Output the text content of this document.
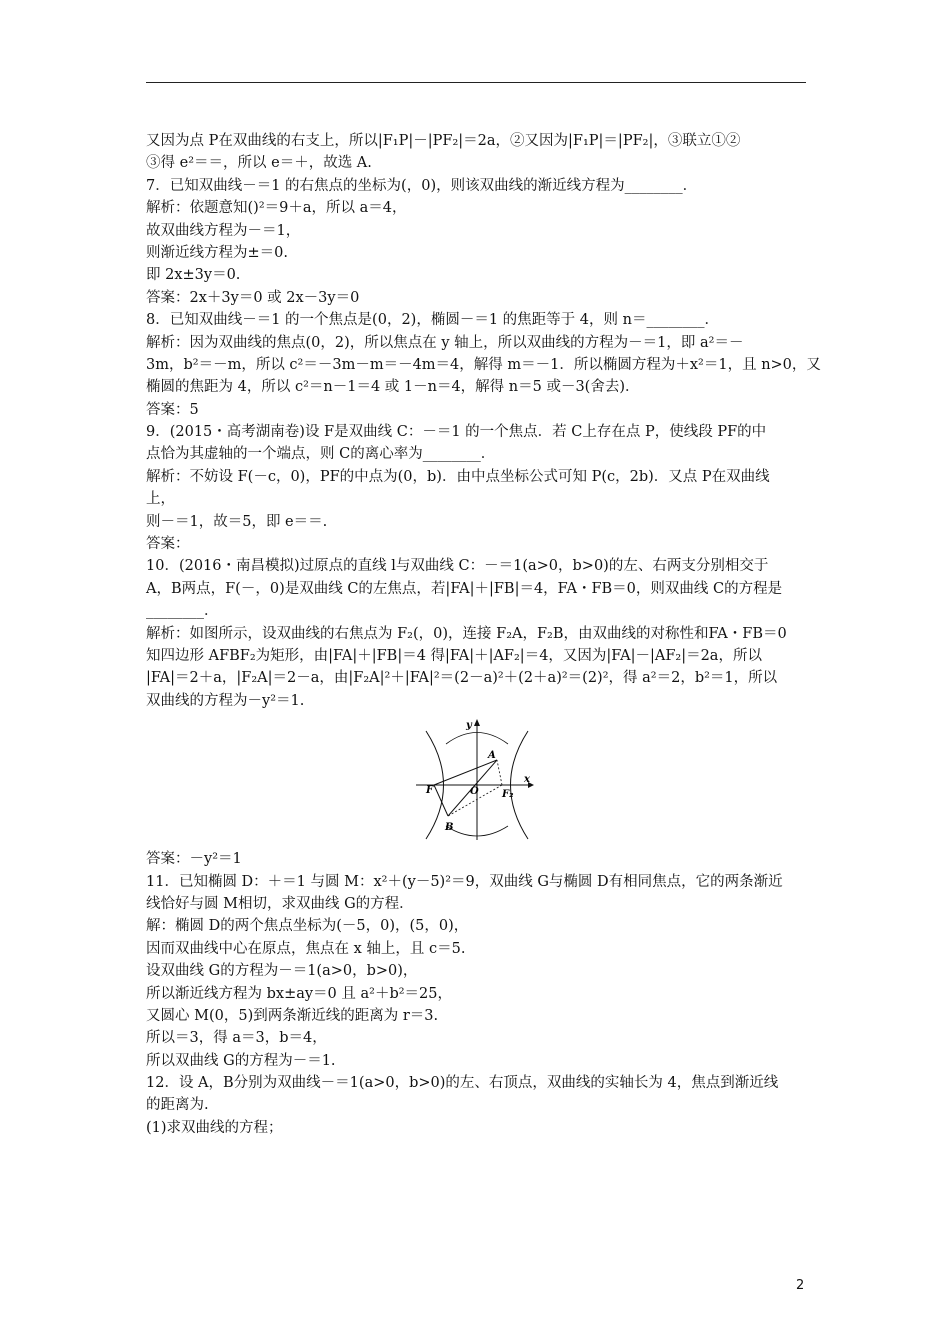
又因为点 P在双曲线的右支上，所以|F₁P|－|PF₂|＝2a，②又因为|F₁P|＝|PF₂|，③联立①②
③得 e²＝＝，所以 e＝＋，故选 A.
7．已知双曲线－＝1 的右焦点的坐标为(，0)，则该双曲线的渐近线方程为________．
解析：依题意知()²＝9＋a，所以 a＝4，
故双曲线方程为－＝1，
则渐近线方程为±＝0.
即 2x±3y＝0.
答案：2x＋3y＝0 或 2x－3y＝0
8．已知双曲线－＝1 的一个焦点是(0，2)，椭圆－＝1 的焦距等于 4，则 n＝________．
解析：因为双曲线的焦点(0，2)，所以焦点在 y 轴上，所以双曲线的方程为－＝1，即 a²＝－
3m，b²＝－m，所以 c²＝－3m－m＝－4m＝4，解得 m＝－1．所以椭圆方程为＋x²＝1，且 n>0，又
椭圆的焦距为 4，所以 c²＝n－1＝4 或 1－n＝4，解得 n＝5 或－3(舍去)．
答案：5
9．(2015・高考湖南卷)设 F是双曲线 C：－＝1 的一个焦点．若 C上存在点 P，使线段 PF的中
点恰为其虚轴的一个端点，则 C的离心率为________．
解析：不妨设 F(－c，0)，PF的中点为(0，b)．由中点坐标公式可知 P(c，2b)．又点 P在双曲线
上，
则－＝1，故＝5，即 e＝＝.
答案：
10．(2016・南昌模拟)过原点的直线 l与双曲线 C：－＝1(a>0，b>0)的左、右两支分别相交于
A，B两点，F(－，0)是双曲线 C的左焦点，若|FA|＋|FB|＝4，FA・FB＝0，则双曲线 C的方程是
________．
解析：如图所示，设双曲线的右焦点为 F₂(，0)，连接 F₂A，F₂B，由双曲线的对称性和FA・FB＝0
知四边形 AFBF₂为矩形，由|FA|＋|FB|＝4 得|FA|＋|AF₂|＝4，又因为|FA|－|AF₂|＝2a，所以
|FA|＝2＋a，|F₂A|＝2－a，由|F₂A|²＋|FA|²＝(2－a)²＋(2＋a)²＝(2)²，得 a²＝2，b²＝1，所以
双曲线的方程为－y²＝1.
y
x
A
B
F	O F₂
答案：－y²＝1
11．已知椭圆 D：＋＝1 与圆 M：x²＋(y－5)²＝9，双曲线 G与椭圆 D有相同焦点，它的两条渐近
线恰好与圆 M相切，求双曲线 G的方程．
解：椭圆 D的两个焦点坐标为(－5，0)，(5，0)，
因而双曲线中心在原点，焦点在 x 轴上，且 c＝5.
设双曲线 G的方程为－＝1(a>0，b>0)，
所以渐近线方程为 bx±ay＝0 且 a²＋b²＝25，
又圆心 M(0，5)到两条渐近线的距离为 r＝3.
所以＝3，得 a＝3，b＝4，
所以双曲线 G的方程为－＝1.
12．设 A，B分别为双曲线－＝1(a>0，b>0)的左、右顶点，双曲线的实轴长为 4，焦点到渐近线
的距离为.
(1)求双曲线的方程；
2
